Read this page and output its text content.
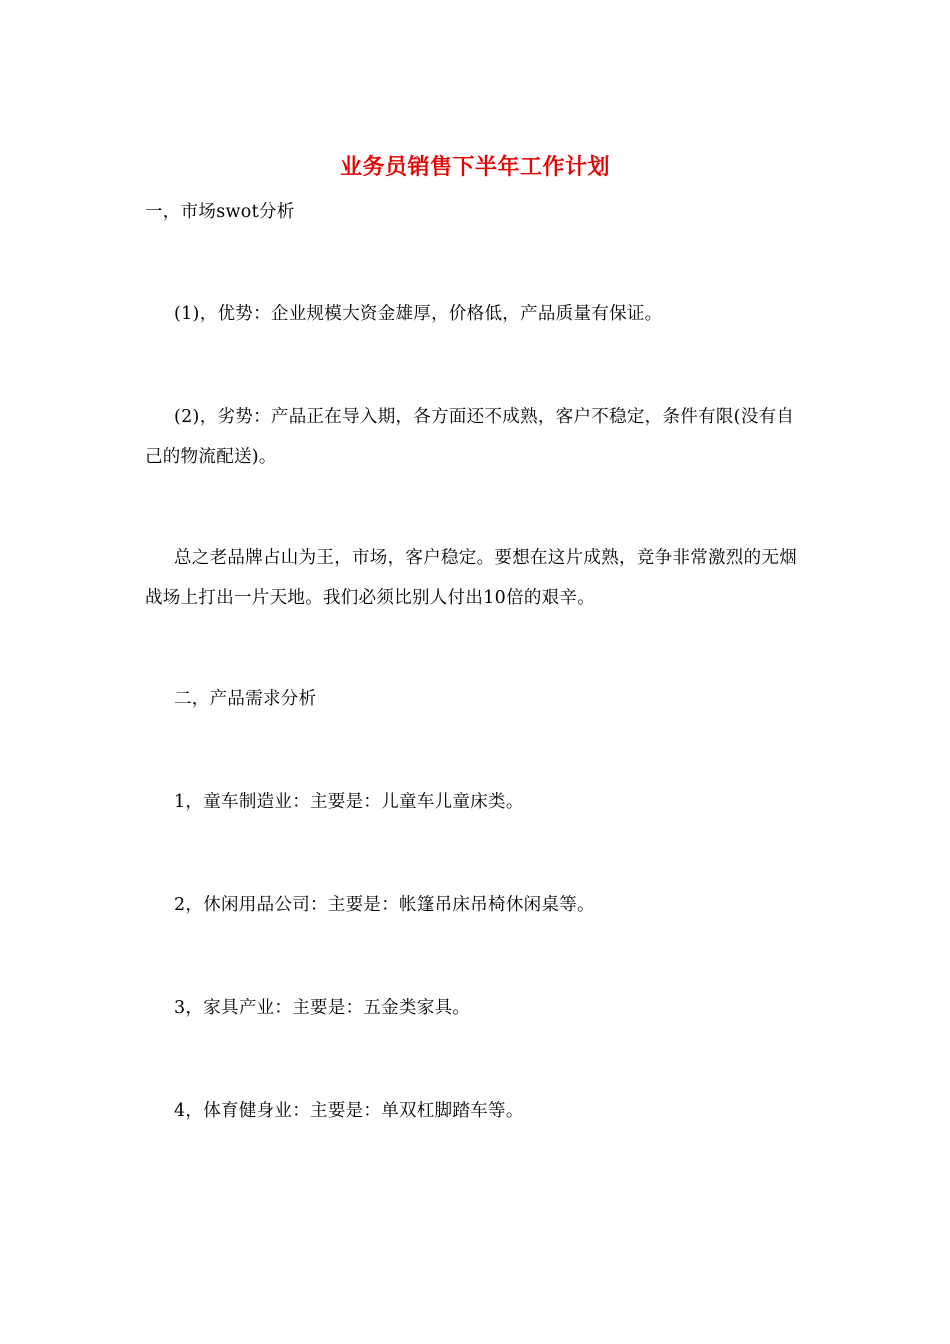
业务员销售下半年工作计划
一，市场swot分析
(1)，优势：企业规模大资金雄厚，价格低，产品质量有保证。
(2)，劣势：产品正在导入期，各方面还不成熟，客户不稳定，条件有限(没有自己的物流配送)。
总之老品牌占山为王，市场，客户稳定。要想在这片成熟，竞争非常激烈的无烟战场上打出一片天地。我们必须比别人付出10倍的艰辛。
二，产品需求分析
1，童车制造业：主要是：儿童车儿童床类。
2，休闲用品公司：主要是：帐篷吊床吊椅休闲桌等。
3，家具产业：主要是：五金类家具。
4，体育健身业：主要是：单双杠脚踏车等。
